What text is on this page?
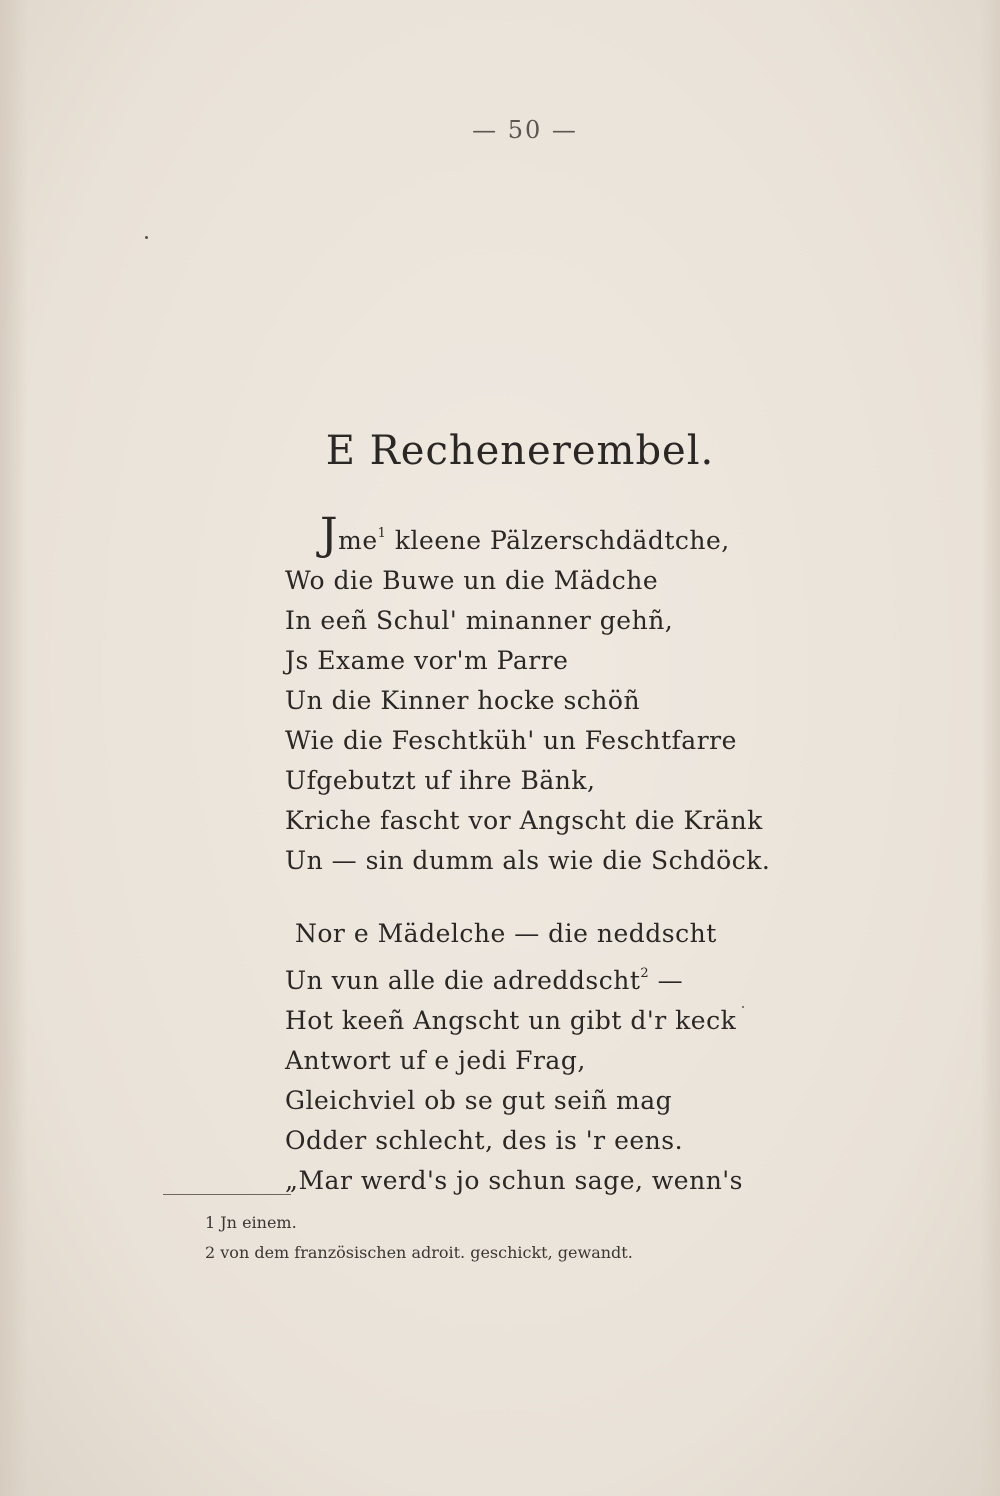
— 50 —
E Rechenerembel.
Jme$^1$ kleene Pälzerschdädtche,
Wo die Buwe un die Mädche
In eeñ Schul' minanner gehñ,
Js Exame vor'm Parre
Un die Kinner hocke schöñ
Wie die Feschtküh' un Feschtfarre
Ufgebutzt uf ihre Bänk,
Kriche fascht vor Angscht die Kränk
Un — sin dumm als wie die Schdöck.
Nor e Mädelche — die neddscht
Un vun alle die adreddscht$^2$ —
Hot keeñ Angscht un gibt d'r keck
Antwort uf e jedi Frag,
Gleichviel ob se gut seiñ mag
Odder schlecht, des is 'r eens.
„Mar werd's jo schun sage, wenn's
1 Jn einem.
2 von dem französischen adroit. geschickt, gewandt.
